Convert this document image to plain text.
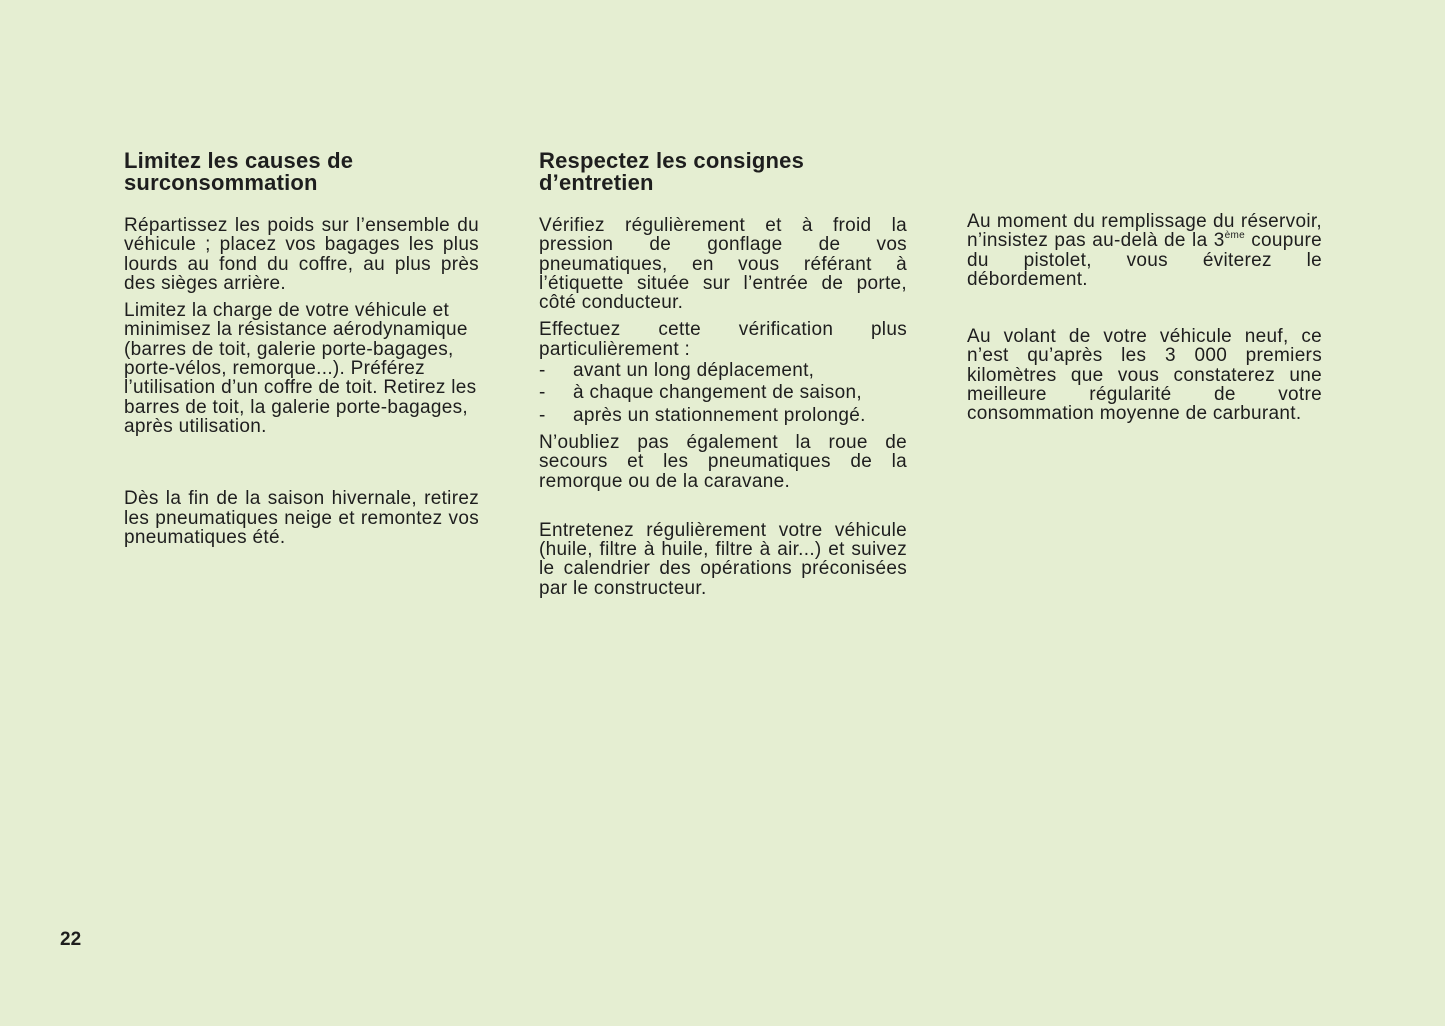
Limitez les causes de
surconsommation

Répartissez les poids sur l’ensemble du véhicule ; placez vos bagages les plus lourds au fond du coffre, au plus près des sièges arrière.

Limitez la charge de votre véhicule et minimisez la résistance aérodynamique (barres de toit, galerie porte-bagages, porte-vélos, remorque...). Préférez l’utilisation d’un coffre de toit. Retirez les barres de toit, la galerie porte-bagages, après utilisation.

Dès la fin de la saison hivernale, retirez les pneumatiques neige et remontez vos pneumatiques été.

Respectez les consignes
d’entretien

Vérifiez régulièrement et à froid la pression de gonflage de vos pneumatiques, en vous référant à l’étiquette située sur l’entrée de porte, côté conducteur.

Effectuez cette vérification plus particulièrement :

- avant un long déplacement,
- à chaque changement de saison,
- après un stationnement prolongé.

N’oubliez pas également la roue de secours et les pneumatiques de la remorque ou de la caravane.

Entretenez régulièrement votre véhicule (huile, filtre à huile, filtre à air...) et suivez le calendrier des opérations préconisées par le constructeur.

Au moment du remplissage du réservoir, n’insistez pas au-delà de la 3ème coupure du pistolet, vous éviterez le débordement.

Au volant de votre véhicule neuf, ce n’est qu’après les 3 000 premiers kilomètres que vous constaterez une meilleure régularité de votre consommation moyenne de carburant.

22
